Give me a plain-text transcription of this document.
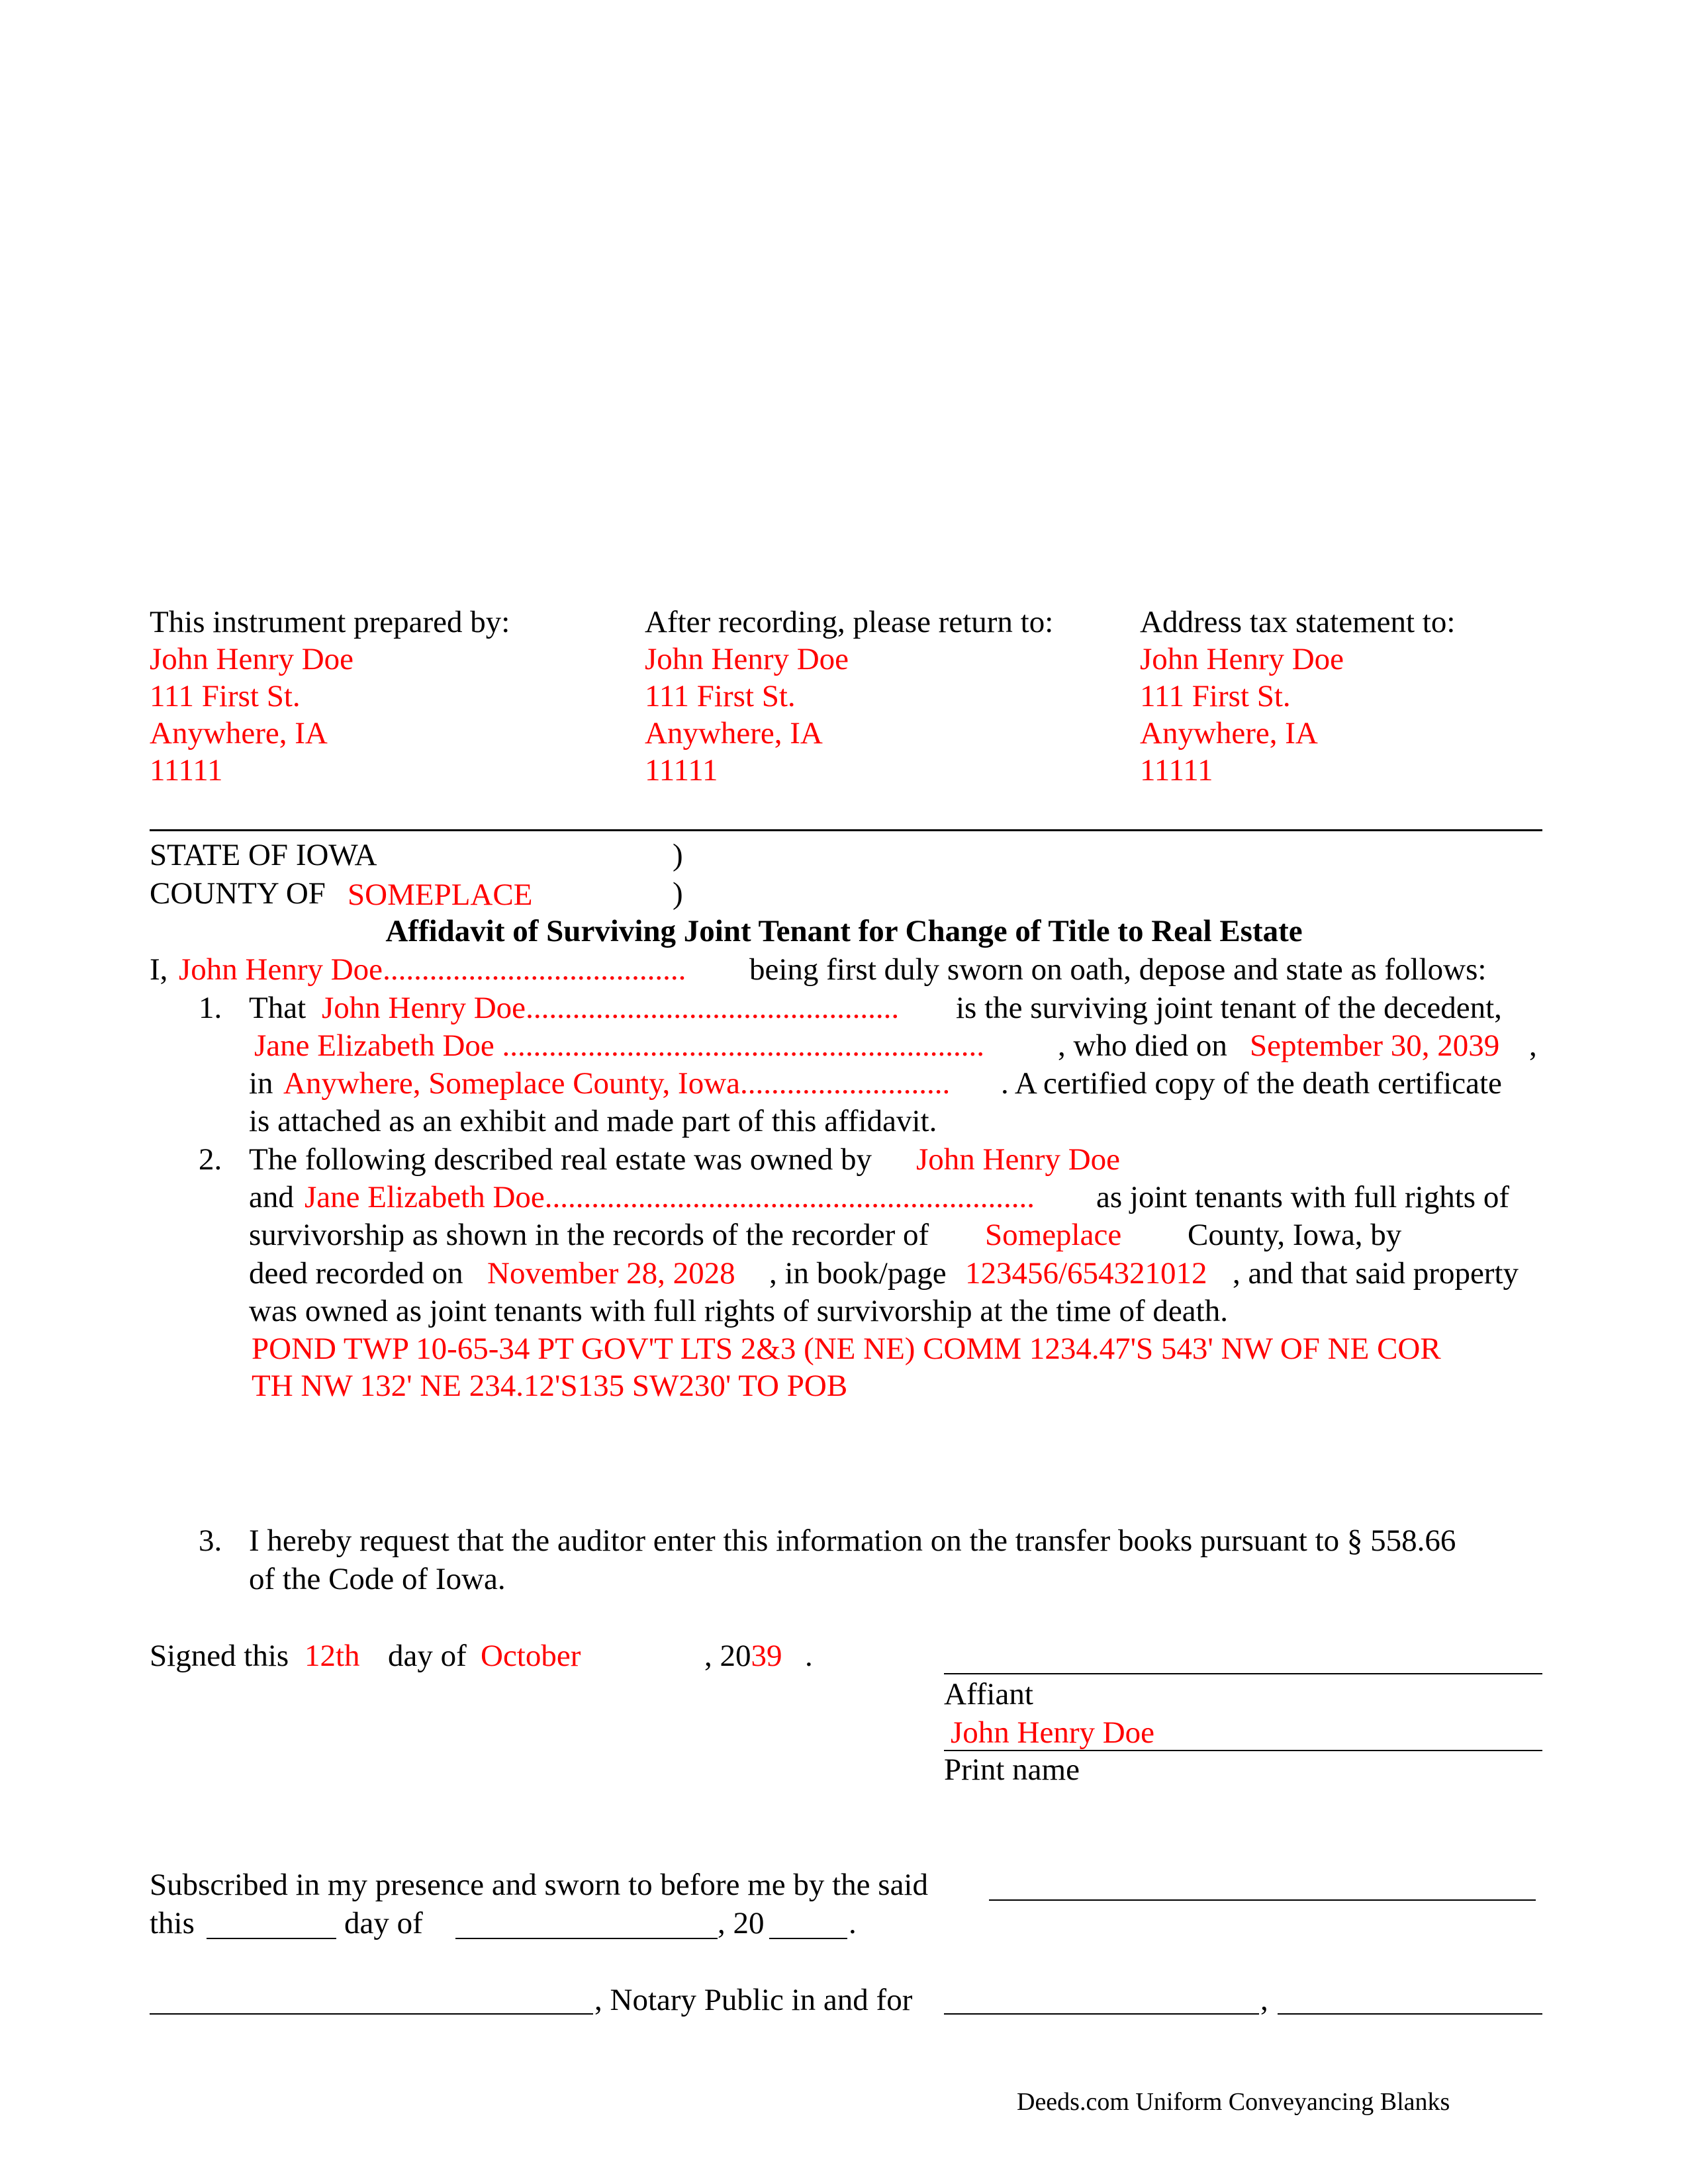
This instrument prepared by:
John Henry Doe
111 First St.
Anywhere, IA
11111
After recording, please return to:
John Henry Doe
111 First St.
Anywhere, IA
11111
Address tax statement to:
John Henry Doe
111 First St.
Anywhere, IA
11111
STATE OF IOWA	)
COUNTY OF SOMEPLACE	)
Affidavit of Surviving Joint Tenant for Change of Title to Real Estate
I, John Henry Doe....................................... being first duly sworn on oath, depose and state as follows:
1. That John Henry Doe................................................ is the surviving joint tenant of the decedent,
Jane Elizabeth Doe .............................................................. , who died on September 30, 2039 ,
in Anywhere, Someplace County, Iowa........................... . A certified copy of the death certificate
is attached as an exhibit and made part of this affidavit.
2. The following described real estate was owned by John Henry Doe
and Jane Elizabeth Doe............................................................... as joint tenants with full rights of
survivorship as shown in the records of the recorder of Someplace County, Iowa, by
deed recorded on November 28, 2028 , in book/page 123456/654321012 , and that said property
was owned as joint tenants with full rights of survivorship at the time of death.
POND TWP 10-65-34 PT GOV'T LTS 2&3 (NE NE) COMM 1234.47'S 543' NW OF NE COR
TH NW 132' NE 234.12'S135 SW230' TO POB
3. I hereby request that the auditor enter this information on the transfer books pursuant to § 558.66
of the Code of Iowa.
Signed this 12th day of October	, 2039 .
Affiant
John Henry Doe
Print name
Subscribed in my presence and sworn to before me by the said
this	day of	, 20	.
, Notary Public in and for	,
Deeds.com Uniform Conveyancing Blanks
